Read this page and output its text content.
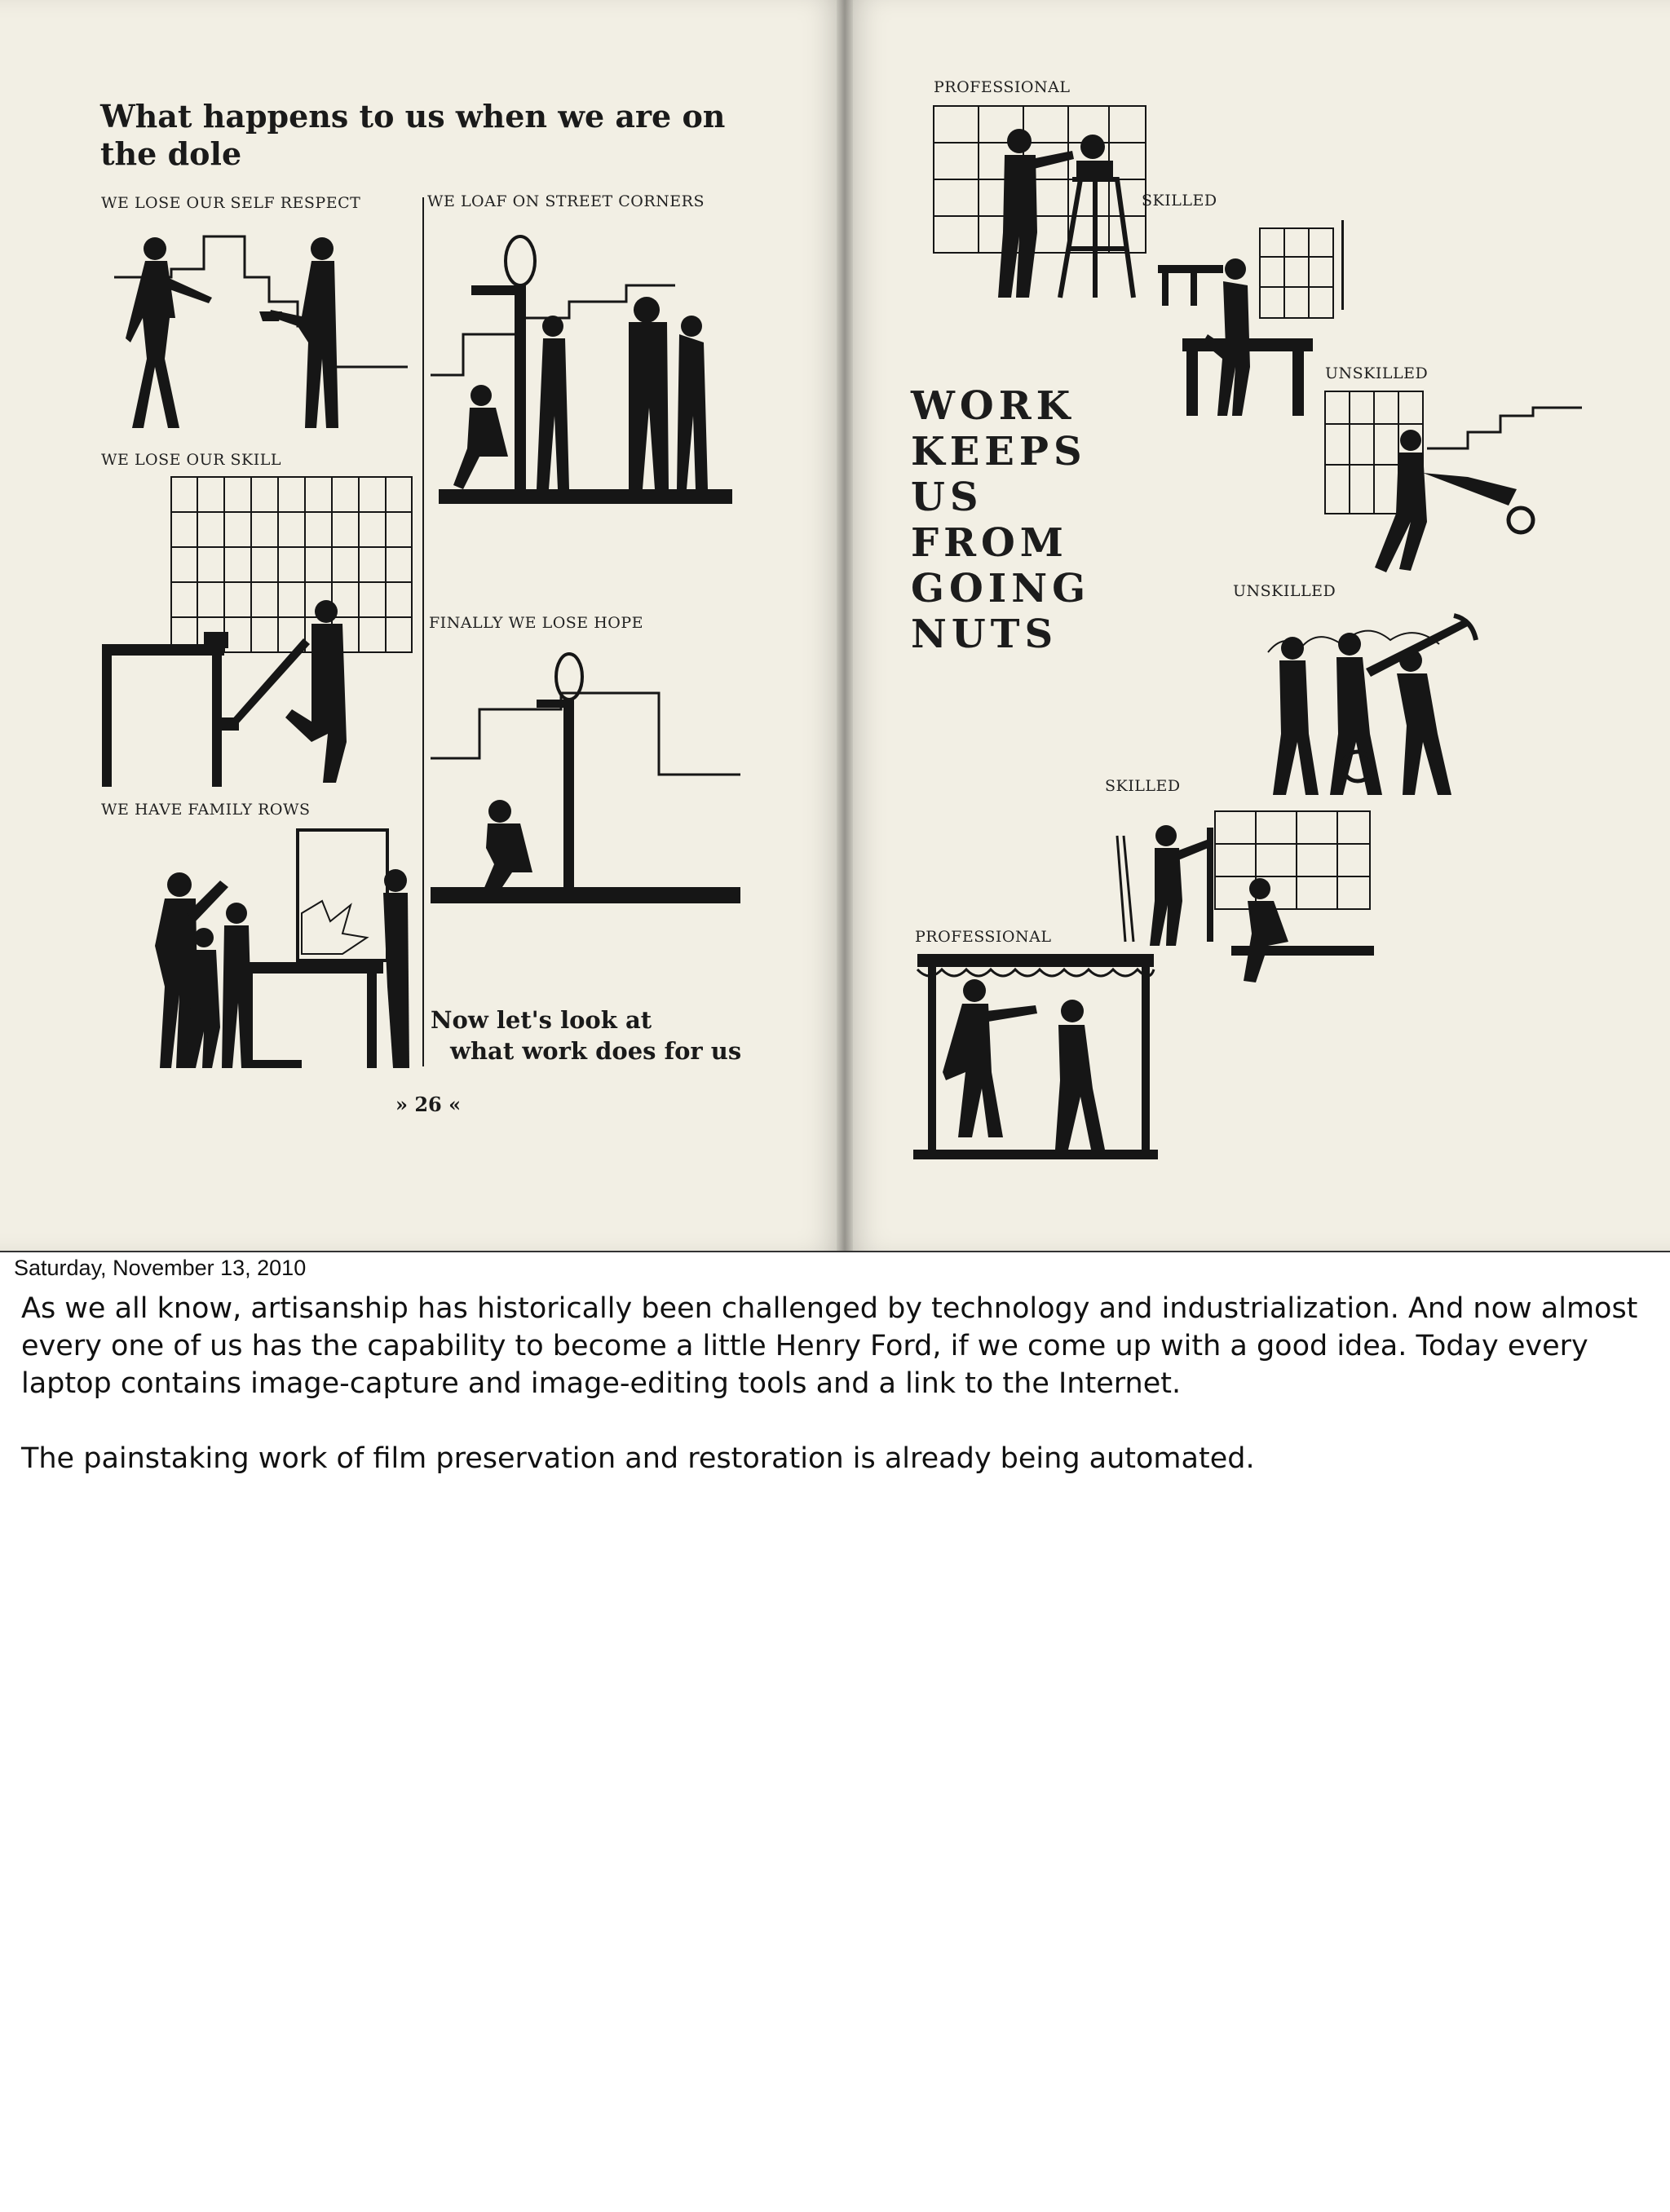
What happens to us when we are on
the dole
WE LOSE OUR SELF RESPECT	WE LOAF ON STREET CORNERS
WE LOSE OUR SKILL
FINALLY WE LOSE HOPE
WE HAVE FAMILY ROWS
Now let's look at
what work does for us
» 26 «
WORK
KEEPS
US
FROM
GOING
NUTS
PROFESSIONAL
SKILLED
UNSKILLED
UNSKILLED
SKILLED
PROFESSIONAL
Saturday, November 13, 2010

As we all know, artisanship has historically been challenged by technology and industrialization. And now almost every one of us has the capability to become a little Henry Ford, if we come up with a good idea. Today every laptop contains image-capture and image-editing tools and a link to the Internet.

The painstaking work of film preservation and restoration is already being automated.
